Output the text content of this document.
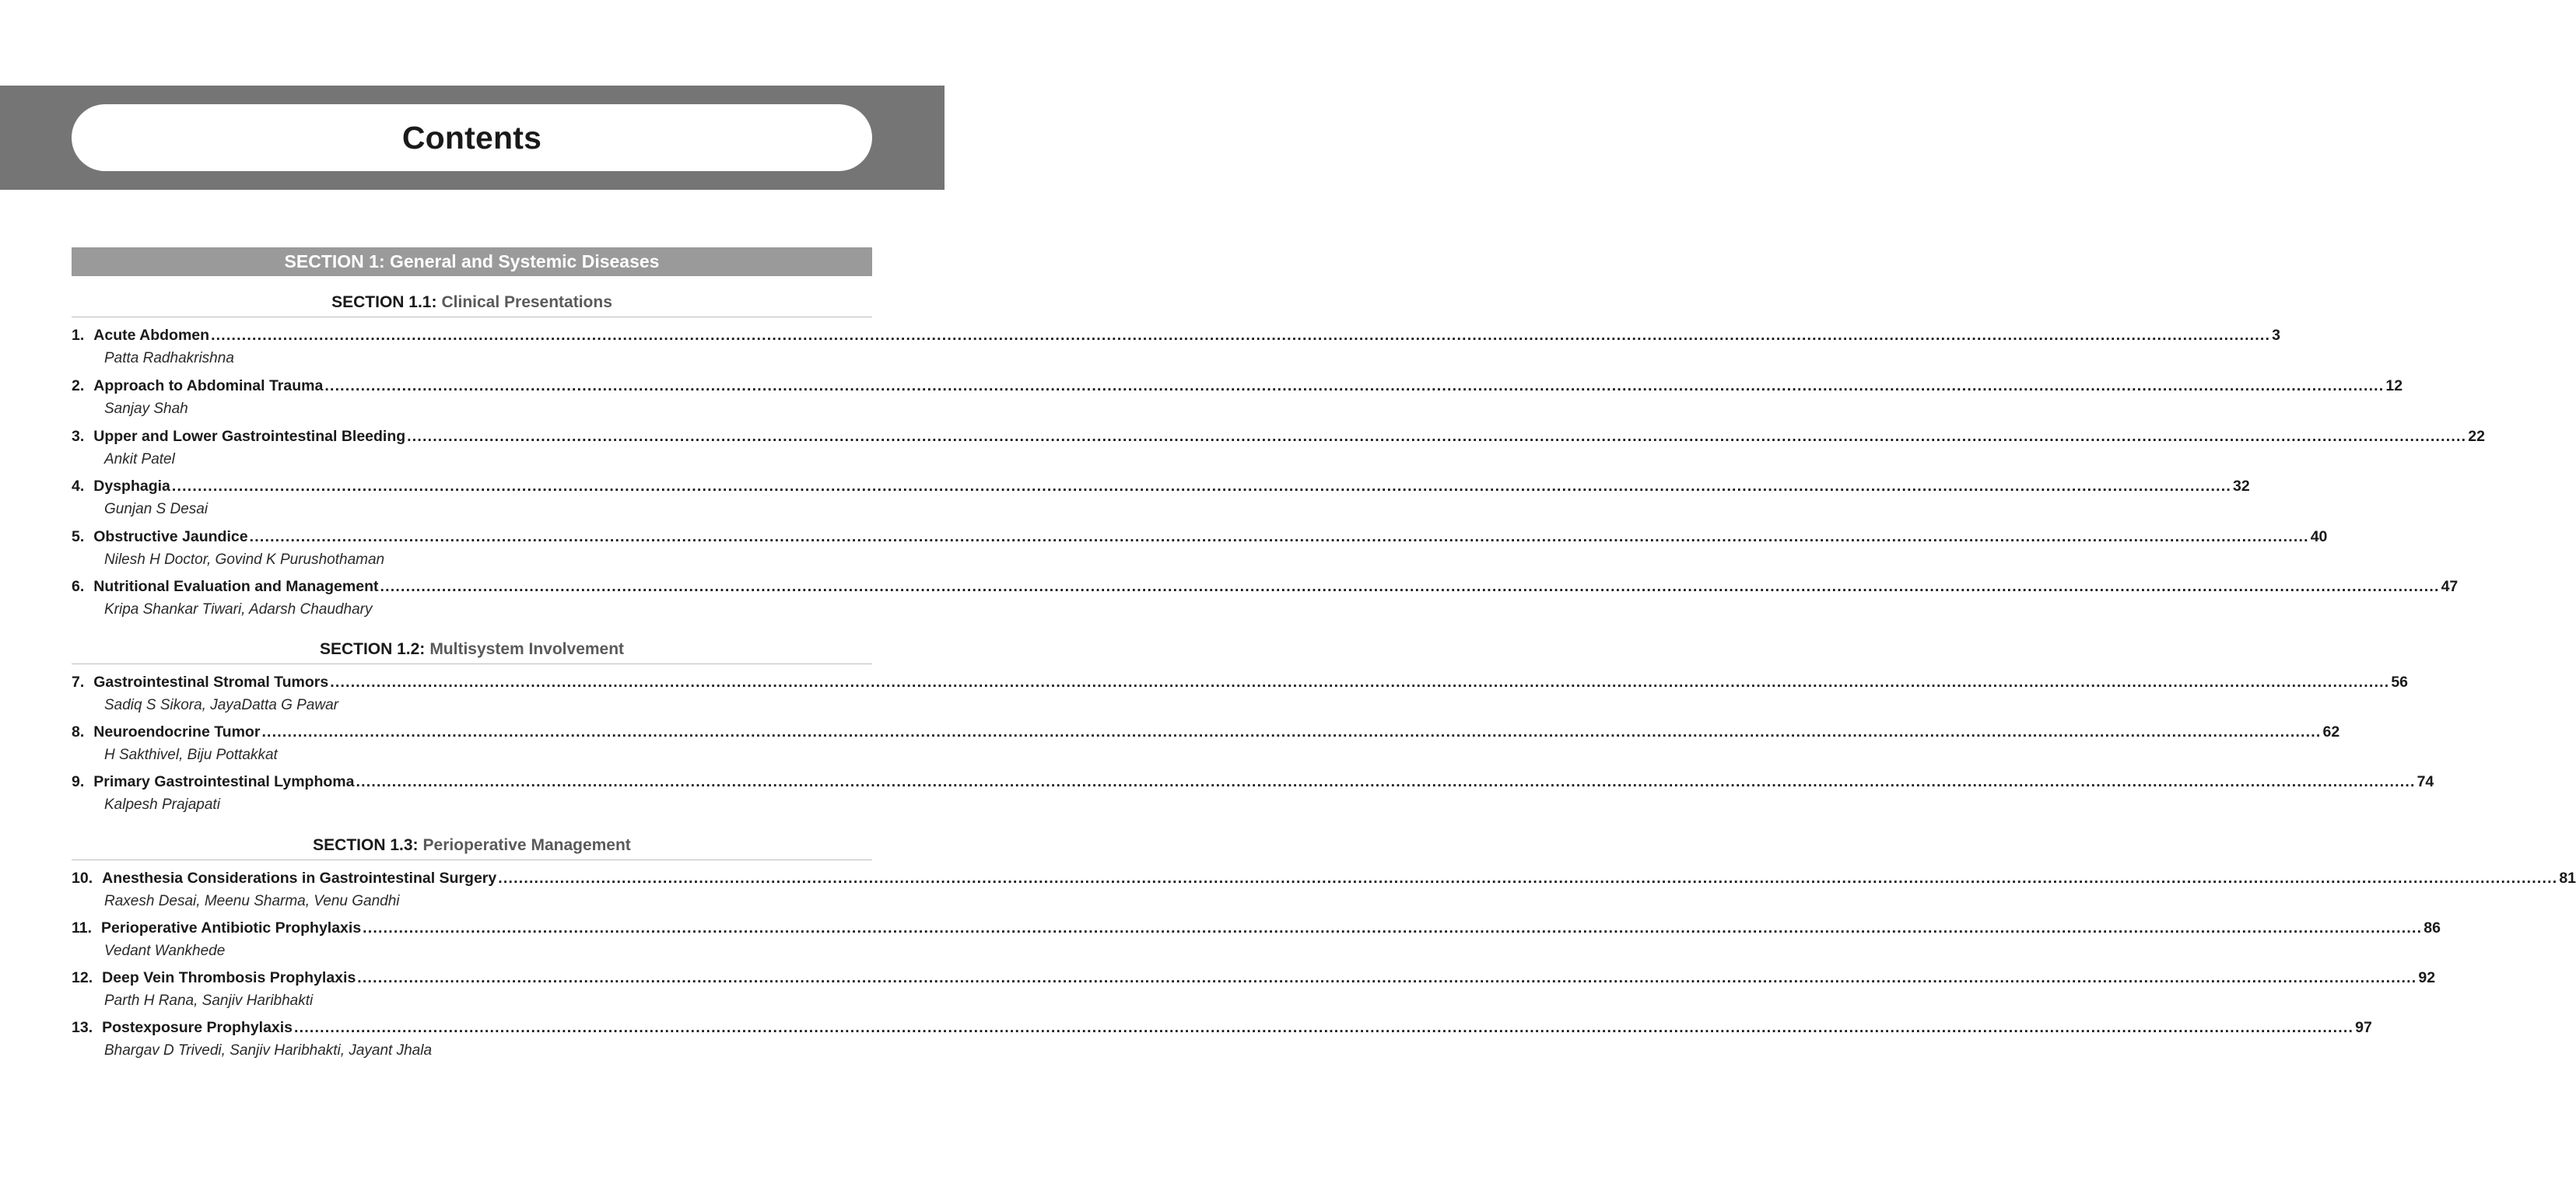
Contents
SECTION 1: General and Systemic Diseases
SECTION 1.1: Clinical Presentations
1. Acute Abdomen ................................................................................................................................................................................................................................................................................................................................................................................................................ 3
Patta Radhakrishna
2. Approach to Abdominal Trauma ................................................................................................................................................................................................................................................................................................................................................................................................................ 12
Sanjay Shah
3. Upper and Lower Gastrointestinal Bleeding ................................................................................................................................................................................................................................................................................................................................................................................................................ 22
Ankit Patel
4. Dysphagia ................................................................................................................................................................................................................................................................................................................................................................................................................ 32
Gunjan S Desai
5. Obstructive Jaundice ................................................................................................................................................................................................................................................................................................................................................................................................................ 40
Nilesh H Doctor, Govind K Purushothaman
6. Nutritional Evaluation and Management ................................................................................................................................................................................................................................................................................................................................................................................................................ 47
Kripa Shankar Tiwari, Adarsh Chaudhary
SECTION 1.2: Multisystem Involvement
7. Gastrointestinal Stromal Tumors ................................................................................................................................................................................................................................................................................................................................................................................................................ 56
Sadiq S Sikora, JayaDatta G Pawar
8. Neuroendocrine Tumor ................................................................................................................................................................................................................................................................................................................................................................................................................ 62
H Sakthivel, Biju Pottakkat
9. Primary Gastrointestinal Lymphoma ................................................................................................................................................................................................................................................................................................................................................................................................................ 74
Kalpesh Prajapati
SECTION 1.3: Perioperative Management
10. Anesthesia Considerations in Gastrointestinal Surgery ................................................................................................................................................................................................................................................................................................................................................................................................................ 81
Raxesh Desai, Meenu Sharma, Venu Gandhi
11. Perioperative Antibiotic Prophylaxis ................................................................................................................................................................................................................................................................................................................................................................................................................ 86
Vedant Wankhede
12. Deep Vein Thrombosis Prophylaxis ................................................................................................................................................................................................................................................................................................................................................................................................................ 92
Parth H Rana, Sanjiv Haribhakti
13. Postexposure Prophylaxis ................................................................................................................................................................................................................................................................................................................................................................................................................ 97
Bhargav D Trivedi, Sanjiv Haribhakti, Jayant Jhala
